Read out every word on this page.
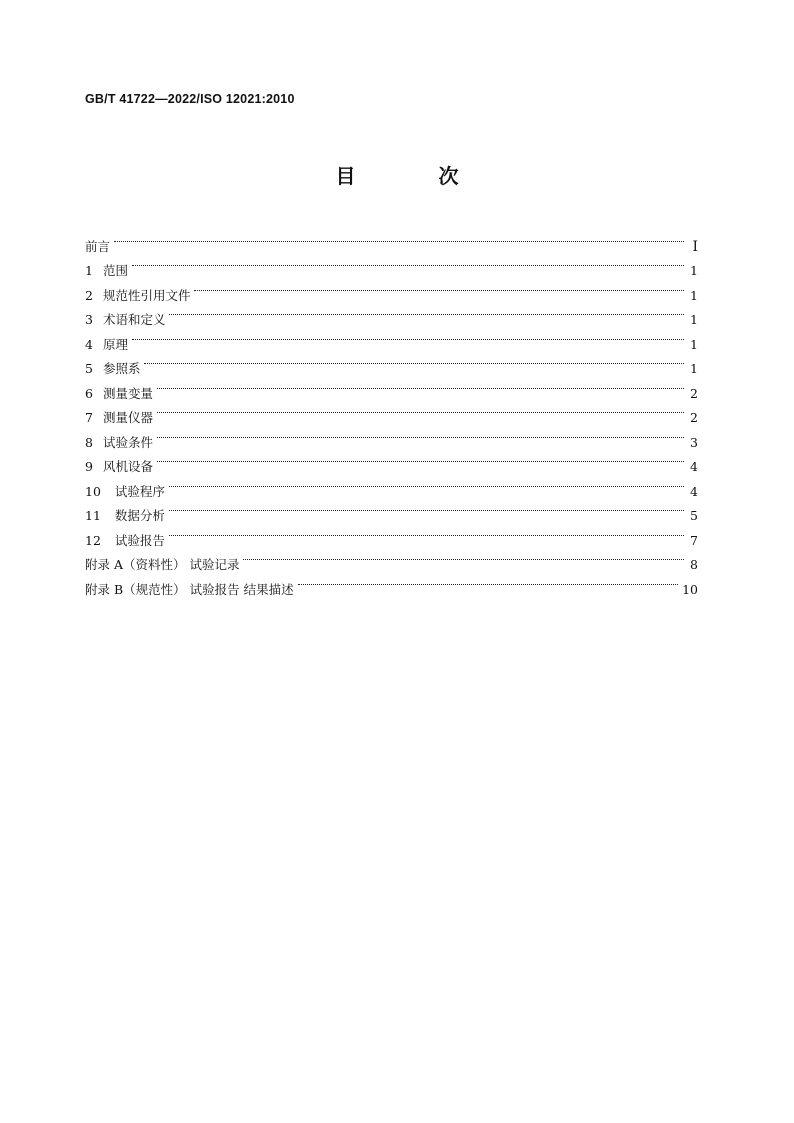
GB/T 41722—2022/ISO 12021:2010
目 次
前言	I
1 范围	1
2 规范性引用文件	1
3 术语和定义	1
4 原理	1
5 参照系	1
6 测量变量	2
7 测量仪器	2
8 试验条件	3
9 风机设备	4
10	试验程序	4
11	数据分析	5
12	试验报告	7
附录 A（资料性） 试验记录	8
附录 B（规范性） 试验报告 结果描述	10
